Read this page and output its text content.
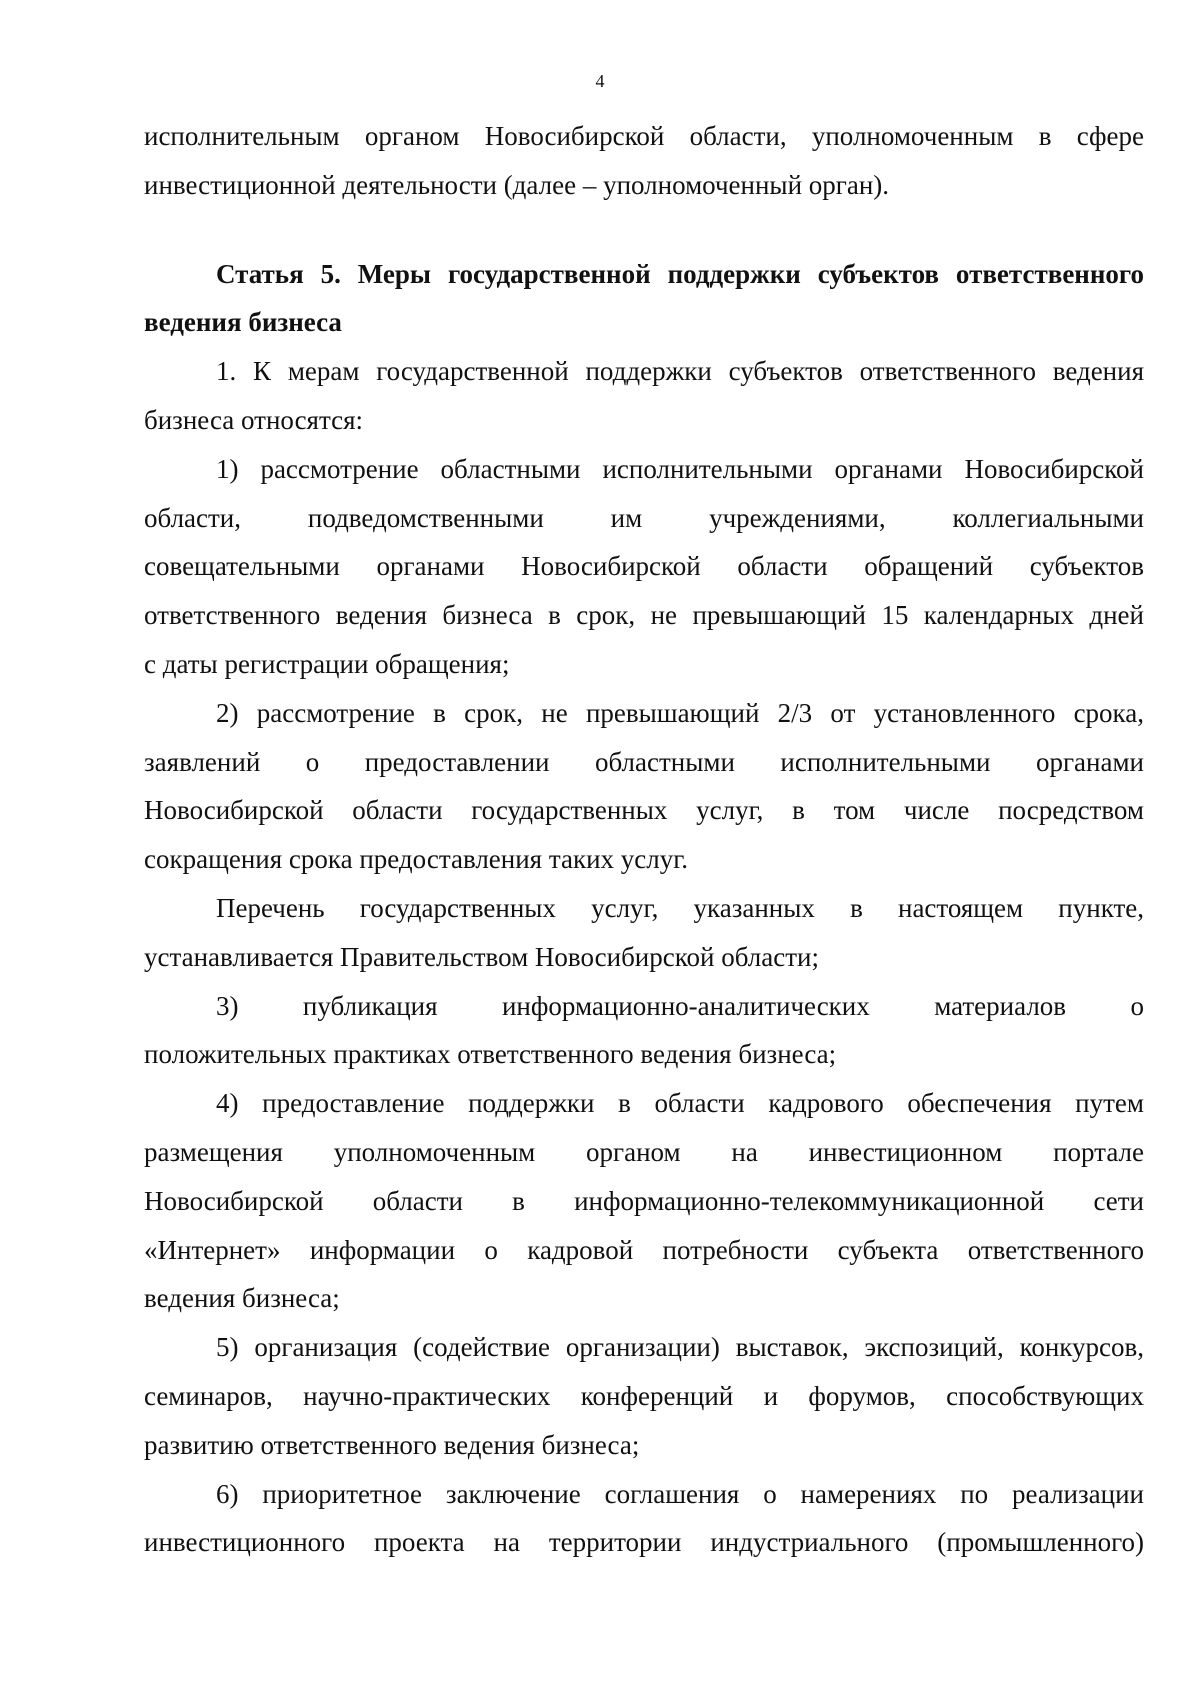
4
исполнительным органом Новосибирской области, уполномоченным в сфере
инвестиционной деятельности (далее – уполномоченный орган).
Статья 5. Меры государственной поддержки субъектов ответственного
ведения бизнеса
1. К мерам государственной поддержки субъектов ответственного ведения
бизнеса относятся:
1) рассмотрение областными исполнительными органами Новосибирской
области, подведомственными им учреждениями, коллегиальными
совещательными органами Новосибирской области обращений субъектов
ответственного ведения бизнеса в срок, не превышающий 15 календарных дней
с даты регистрации обращения;
2) рассмотрение в срок, не превышающий 2/3 от установленного срока,
заявлений о предоставлении областными исполнительными органами
Новосибирской области государственных услуг, в том числе посредством
сокращения срока предоставления таких услуг.
Перечень государственных услуг, указанных в настоящем пункте,
устанавливается Правительством Новосибирской области;
3) публикация информационно-аналитических материалов о
положительных практиках ответственного ведения бизнеса;
4) предоставление поддержки в области кадрового обеспечения путем
размещения уполномоченным органом на инвестиционном портале
Новосибирской области в информационно-телекоммуникационной сети
«Интернет» информации о кадровой потребности субъекта ответственного
ведения бизнеса;
5) организация (содействие организации) выставок, экспозиций, конкурсов,
семинаров, научно-практических конференций и форумов, способствующих
развитию ответственного ведения бизнеса;
6) приоритетное заключение соглашения о намерениях по реализации
инвестиционного проекта на территории индустриального (промышленного)
